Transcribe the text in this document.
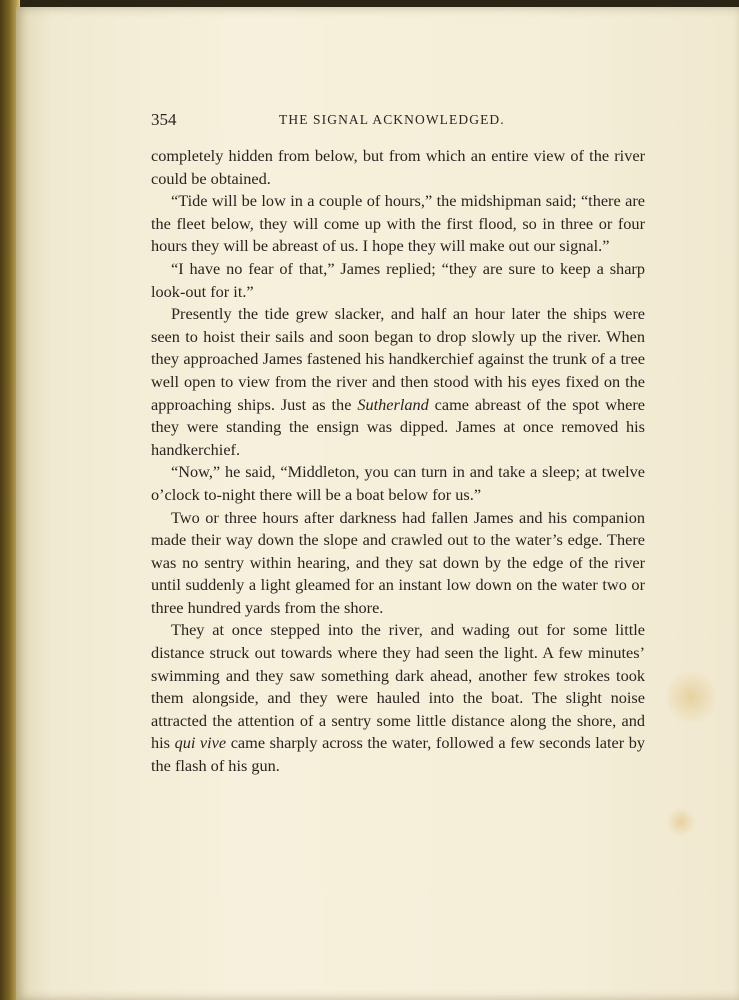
354	THE SIGNAL ACKNOWLEDGED.

completely hidden from below, but from which an entire view of the river could be obtained.

“Tide will be low in a couple of hours,” the midshipman said; “there are the fleet below, they will come up with the first flood, so in three or four hours they will be abreast of us. I hope they will make out our signal.”

“I have no fear of that,” James replied; “they are sure to keep a sharp look-out for it.”

Presently the tide grew slacker, and half an hour later the ships were seen to hoist their sails and soon began to drop slowly up the river. When they approached James fastened his handkerchief against the trunk of a tree well open to view from the river and then stood with his eyes fixed on the approaching ships. Just as the Sutherland came abreast of the spot where they were standing the ensign was dipped. James at once removed his handkerchief.

“Now,” he said, “Middleton, you can turn in and take a sleep; at twelve o’clock to-night there will be a boat below for us.”

Two or three hours after darkness had fallen James and his companion made their way down the slope and crawled out to the water’s edge. There was no sentry within hearing, and they sat down by the edge of the river until suddenly a light gleamed for an instant low down on the water two or three hundred yards from the shore.

They at once stepped into the river, and wading out for some little distance struck out towards where they had seen the light. A few minutes’ swimming and they saw something dark ahead, another few strokes took them alongside, and they were hauled into the boat. The slight noise attracted the attention of a sentry some little distance along the shore, and his qui vive came sharply across the water, followed a few seconds later by the flash of his gun.
